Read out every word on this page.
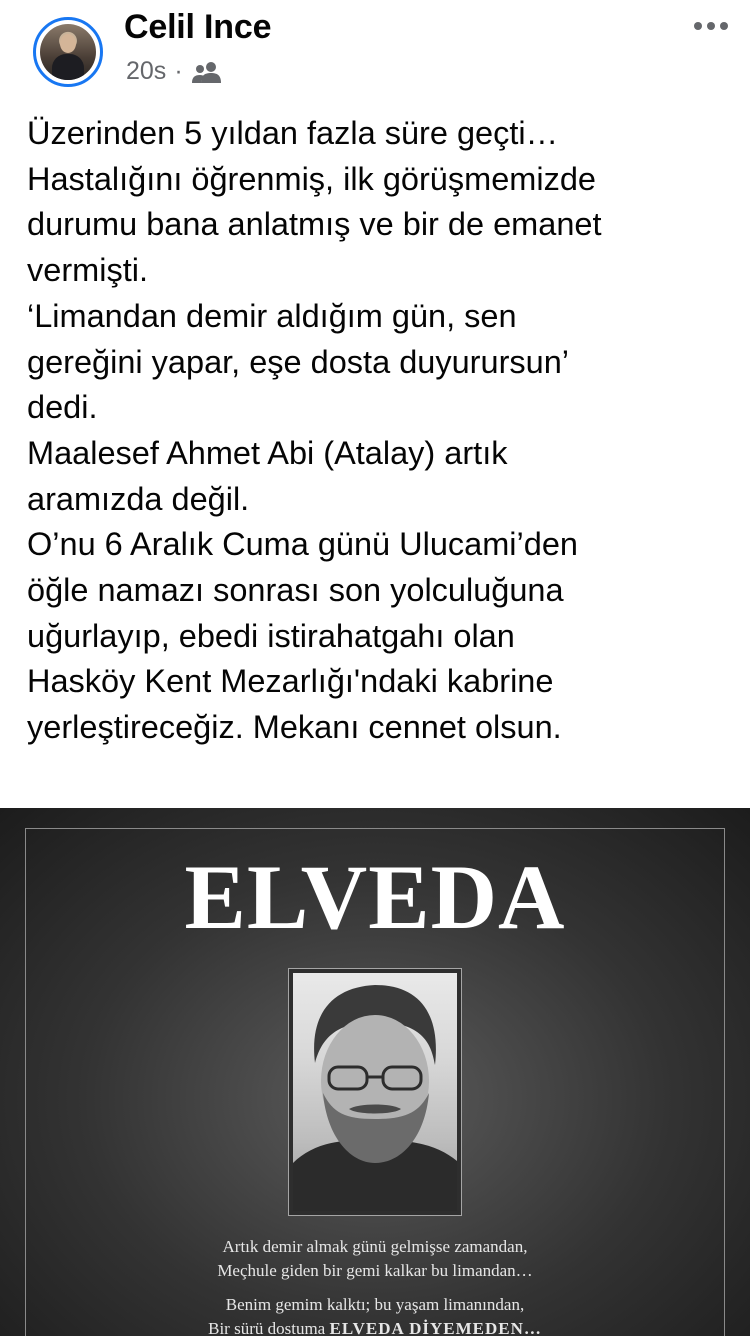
Celil Ince
20s ·

Üzerinden 5 yıldan fazla süre geçti…

Hastalığını öğrenmiş, ilk görüşmemizde

durumu bana anlatmış ve bir de emanet

vermişti.

‘Limandan demir aldığım gün, sen

gereğini yapar, eşe dosta duyurursun’

dedi.

Maalesef Ahmet Abi (Atalay) artık

aramızda değil.

O’nu 6 Aralık Cuma günü Ulucami’den

öğle namazı sonrası son yolculuğuna

uğurlayıp, ebedi istirahatgahı olan

Hasköy Kent Mezarlığı'ndaki kabrine

yerleştireceğiz. Mekanı cennet olsun.

ELVEDA
Artık demir almak günü gelmişse zamandan,
Meçhule giden bir gemi kalkar bu limandan…
Benim gemim kalktı; bu yaşam limanından,
Bir sürü dostuma ELVEDA DİYEMEDEN…
